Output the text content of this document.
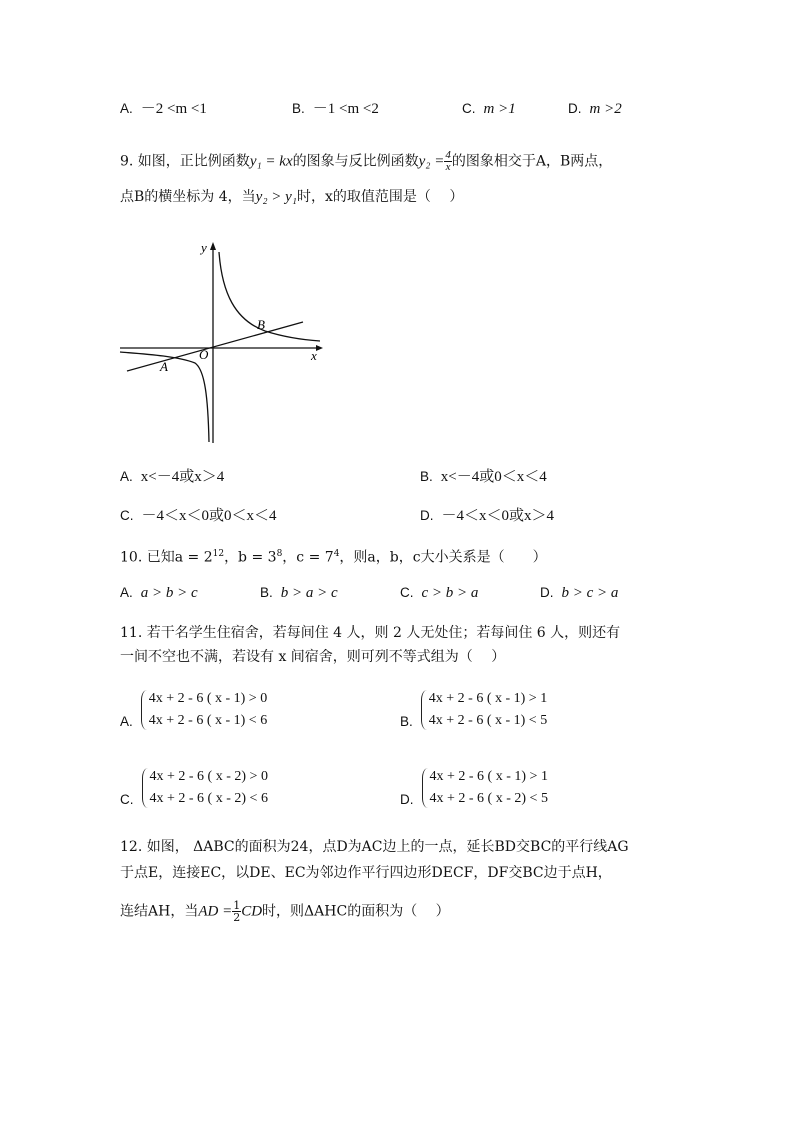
A. －2 <m <1	B. －1 <m <2	C. m >1	D. m >2
9. 如图，正比例函数y₁ = kx的图象与反比例函数$y_2 = \frac{4}{x}$ 的图象相交于A，B两点，
点B的横坐标为 4，当y₂ > y₁时，x的取值范围是（　 ）
y
x
O
A
B
A. x<－4或x＞4	B. x<－4或0＜x＜4
C. －4＜x＜0或0＜x＜4	D. －4＜x＜0或x＞4
10. 已知$a = 2^{12}$，$b = 3^8$，$c = 7^4$，则a，b，c大小关系是（　　）
A. a > b > c	B. b > a > c	C. c > b > a	D. b > c > a
11. 若干名学生住宿舍，若每间住 4 人，则 2 人无处住；若每间住 6 人，则还有
一间不空也不满，若设有 x 间宿舍，则可列不等式组为（　 ）
A.
4x + 2 - 6 ( x - 1) > 0
4x + 2 - 6 ( x - 1) < 6	B.
4x + 2 - 6 ( x - 1) > 1
4x + 2 - 6 ( x - 1) < 5
C.
4x + 2 - 6 ( x - 2) > 0
4x + 2 - 6 ( x - 2) < 6	D.
4x + 2 - 6 ( x - 1) > 1
4x + 2 - 6 ( x - 2) < 5
12. 如图， ΔABC的面积为24，点D为AC边上的一点，延长BD交BC的平行线AG
于点E，连接EC，以DE、EC为邻边作平行四边形DECF，DF交BC边于点H，
连结AH，当AD = $\frac{1}{2}$ CD时，则ΔAHC的面积为（　 ）
